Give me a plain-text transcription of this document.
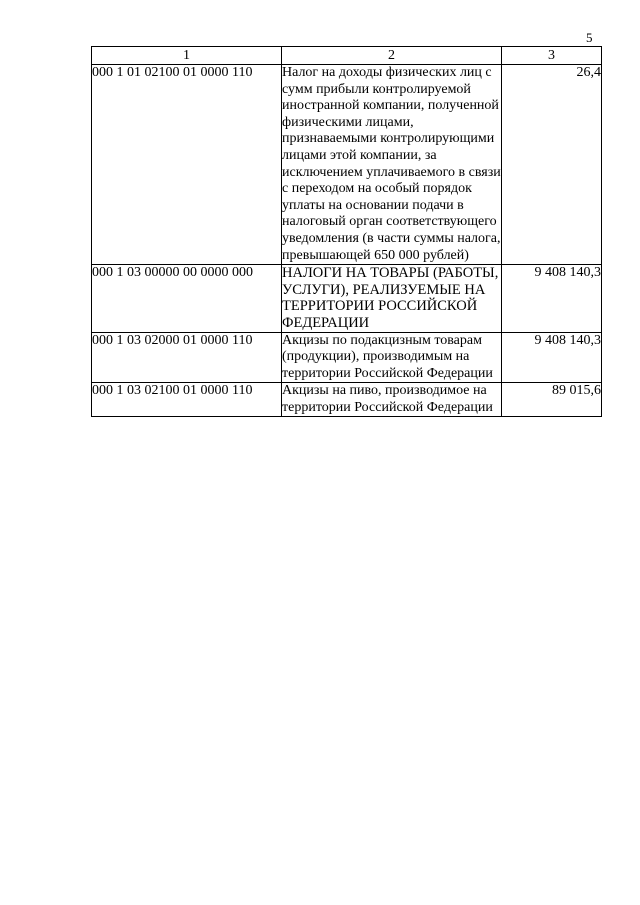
5
1	2	3
000 1 01 02100 01 0000 110	Налог на доходы физических лиц с сумм прибыли контролируемой иностранной компании, полученной физическими лицами, признаваемыми контролирующими лицами этой компании, за исключением уплачиваемого в связи с переходом на особый порядок уплаты на основании подачи в налоговый орган соответствующего уведомления (в части суммы налога, превышающей 650 000 рублей)	26,4
000 1 03 00000 00 0000 000	НАЛОГИ НА ТОВАРЫ (РАБОТЫ, УСЛУГИ), РЕАЛИЗУЕМЫЕ НА ТЕРРИТОРИИ РОССИЙСКОЙ ФЕДЕРАЦИИ	9 408 140,3
000 1 03 02000 01 0000 110	Акцизы по подакцизным товарам (продукции), производимым на территории Российской Федерации	9 408 140,3
000 1 03 02100 01 0000 110	Акцизы на пиво, производимое на территории Российской Федерации	89 015,6
